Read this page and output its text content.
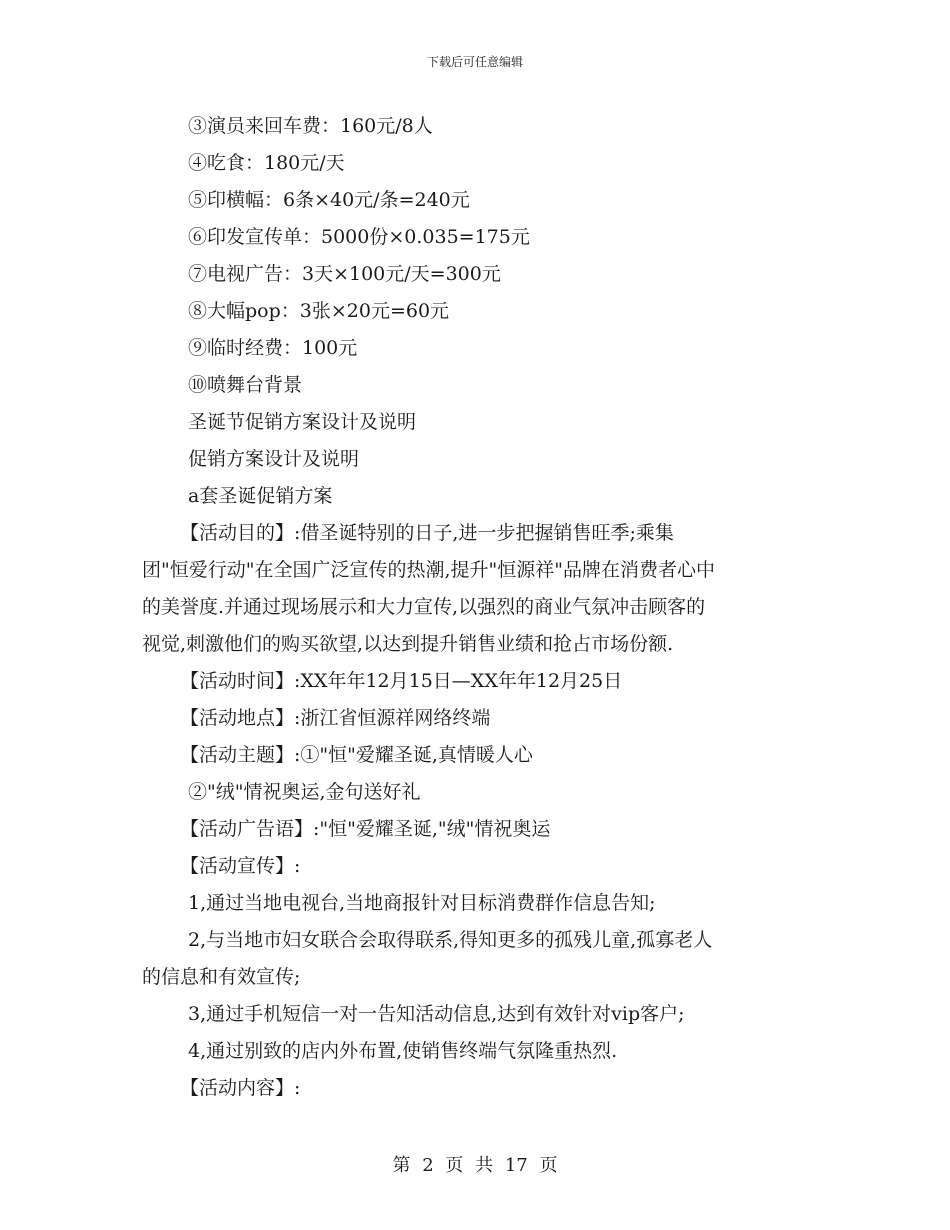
下载后可任意编辑
③演员来回车费：160元/8人
④吃食：180元/天
⑤印横幅：6条×40元/条=240元
⑥印发宣传单：5000份×0.035=175元
⑦电视广告：3天×100元/天=300元
⑧大幅pop：3张×20元=60元
⑨临时经费：100元
⑩喷舞台背景
圣诞节促销方案设计及说明
促销方案设计及说明
a套圣诞促销方案
【活动目的】:借圣诞特别的日子,进一步把握销售旺季;乘集
团"恒爱行动"在全国广泛宣传的热潮,提升"恒源祥"品牌在消费者心中
的美誉度.并通过现场展示和大力宣传,以强烈的商业气氛冲击顾客的
视觉,刺激他们的购买欲望,以达到提升销售业绩和抢占市场份额.
【活动时间】:XX年年12月15日—XX年年12月25日
【活动地点】:浙江省恒源祥网络终端
【活动主题】:①"恒"爱耀圣诞,真情暖人心
②"绒"情祝奥运,金句送好礼
【活动广告语】:"恒"爱耀圣诞,"绒"情祝奥运
【活动宣传】:
1,通过当地电视台,当地商报针对目标消费群作信息告知;
2,与当地市妇女联合会取得联系,得知更多的孤残儿童,孤寡老人
的信息和有效宣传;
3,通过手机短信一对一告知活动信息,达到有效针对vip客户;
4,通过别致的店内外布置,使销售终端气氛隆重热烈.
【活动内容】:
第 2 页 共 17 页
